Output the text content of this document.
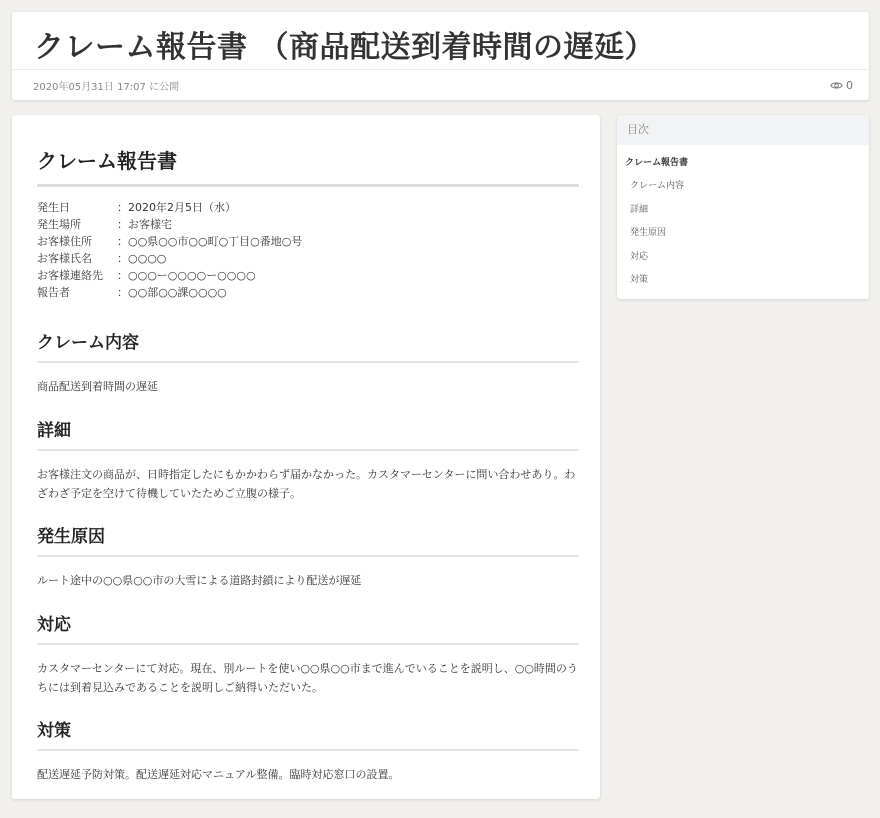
クレーム報告書 （商品配送到着時間の遅延）
2020年05月31日 17:07 に公開	0
クレーム報告書
発生日	：2020年2月5日（水）
発生場所	：お客様宅
お客様住所	：○○県○○市○○町○丁目○番地○号
お客様氏名	：○○○○
お客様連絡先	：○○○ー○○○○ー○○○○
報告者	：○○部○○課○○○○
クレーム内容

商品配送到着時間の遅延

詳細

お客様注文の商品が、日時指定したにもかかわらず届かなかった。カスタマーセンターに問い合わせあり。わざわざ予定を空けて待機していたためご立腹の様子。

発生原因

ルート途中の○○県○○市の大雪による道路封鎖により配送が遅延

対応

カスタマーセンターにて対応。現在、別ルートを使い○○県○○市まで進んでいることを説明し、○○時間のうちには到着見込みであることを説明しご納得いただいた。

対策

配送遅延予防対策。配送遅延対応マニュアル整備。臨時対応窓口の設置。

目次
クレーム報告書
クレーム内容
詳細
発生原因
対応
対策
